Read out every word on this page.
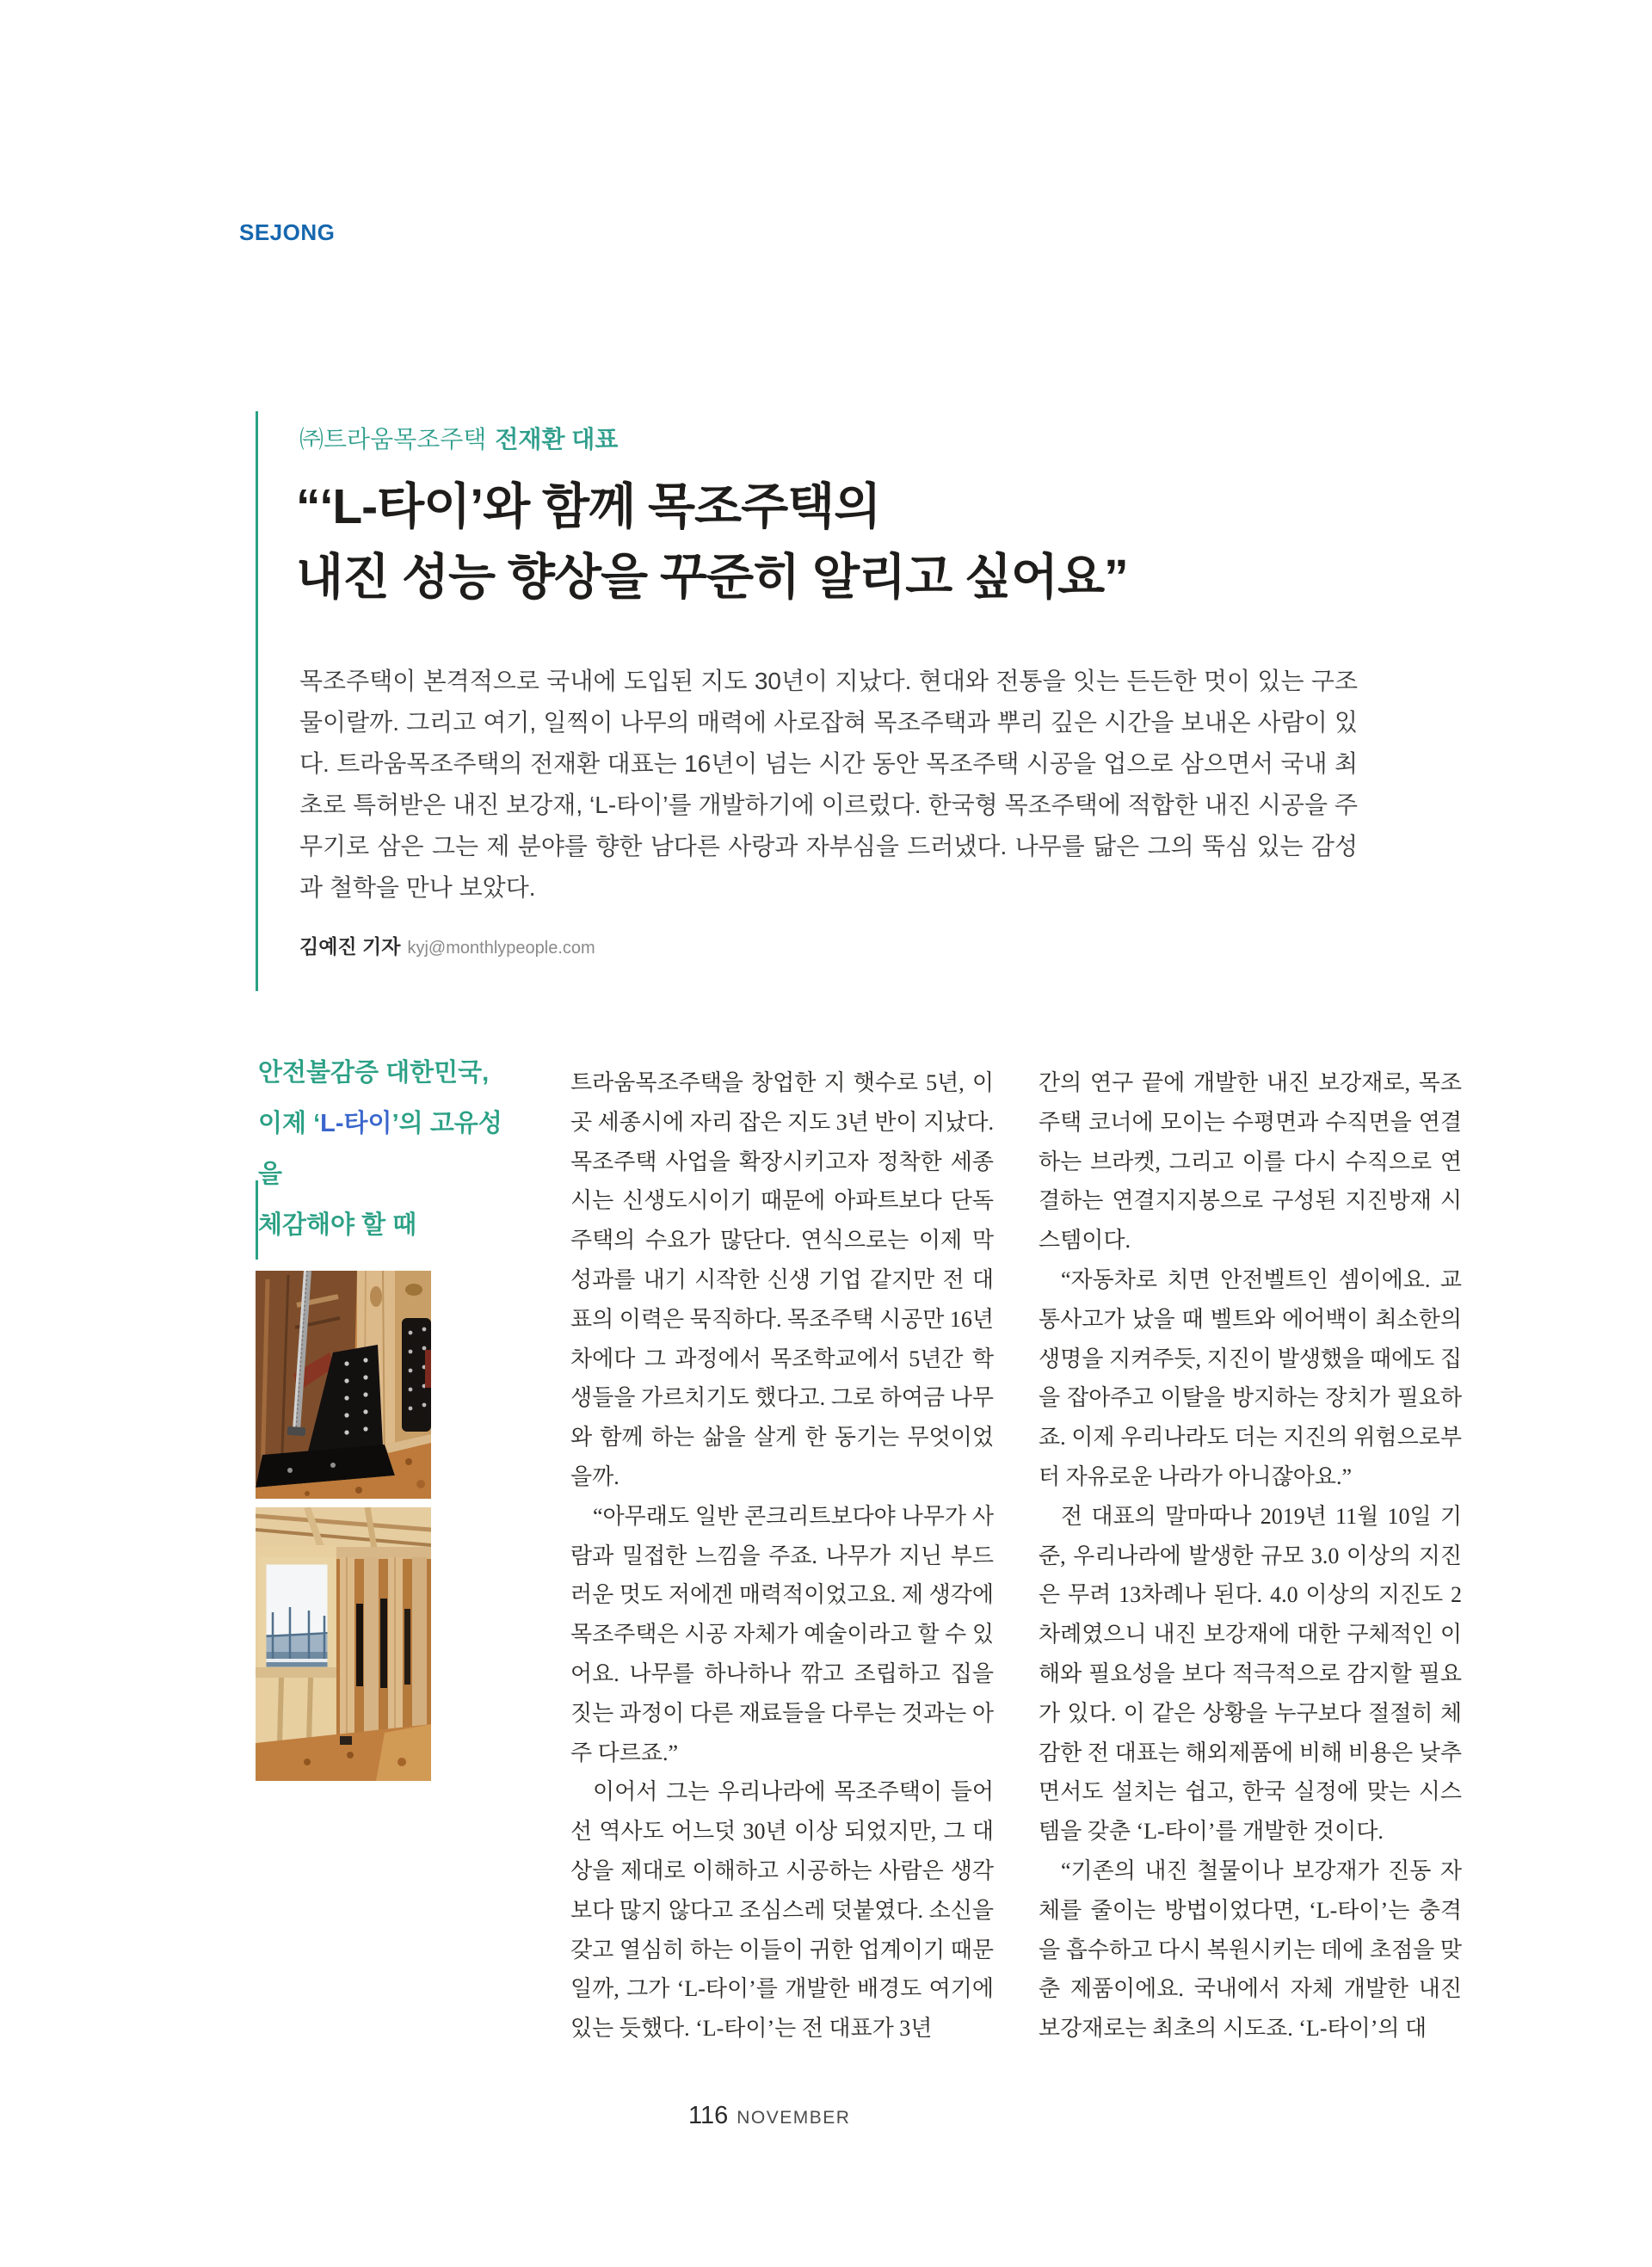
SEJONG
㈜트라움목조주택 전재환 대표
“‘L-타이’와 함께 목조주택의
내진 성능 향상을 꾸준히 알리고 싶어요”

목조주택이 본격적으로 국내에 도입된 지도 30년이 지났다. 현대와 전통을 잇는 든든한 멋이 있는 구조물이랄까. 그리고 여기, 일찍이 나무의 매력에 사로잡혀 목조주택과 뿌리 깊은 시간을 보내온 사람이 있다. 트라움목조주택의 전재환 대표는 16년이 넘는 시간 동안 목조주택 시공을 업으로 삼으면서 국내 최초로 특허받은 내진 보강재, ‘L-타이’를 개발하기에 이르렀다. 한국형 목조주택에 적합한 내진 시공을 주 무기로 삼은 그는 제 분야를 향한 남다른 사랑과 자부심을 드러냈다. 나무를 닮은 그의 뚝심 있는 감성과 철학을 만나 보았다.

김예진 기자 kyj@monthlypeople.com
안전불감증 대한민국,
이제 ‘L-타이’의 고유성을
체감해야 할 때

트라움목조주택을 창업한 지 햇수로 5년, 이곳 세종시에 자리 잡은 지도 3년 반이 지났다. 목조주택 사업을 확장시키고자 정착한 세종시는 신생도시이기 때문에 아파트보다 단독주택의 수요가 많단다. 연식으로는 이제 막 성과를 내기 시작한 신생 기업 같지만 전 대표의 이력은 묵직하다. 목조주택 시공만 16년 차에다 그 과정에서 목조학교에서 5년간 학생들을 가르치기도 했다고. 그로 하여금 나무와 함께 하는 삶을 살게 한 동기는 무엇이었을까.

“아무래도 일반 콘크리트보다야 나무가 사람과 밀접한 느낌을 주죠. 나무가 지닌 부드러운 멋도 저에겐 매력적이었고요. 제 생각에 목조주택은 시공 자체가 예술이라고 할 수 있어요. 나무를 하나하나 깎고 조립하고 집을 짓는 과정이 다른 재료들을 다루는 것과는 아주 다르죠.”

이어서 그는 우리나라에 목조주택이 들어선 역사도 어느덧 30년 이상 되었지만, 그 대상을 제대로 이해하고 시공하는 사람은 생각보다 많지 않다고 조심스레 덧붙였다. 소신을 갖고 열심히 하는 이들이 귀한 업계이기 때문일까, 그가 ‘L-타이’를 개발한 배경도 여기에 있는 듯했다. ‘L-타이’는 전 대표가 3년

간의 연구 끝에 개발한 내진 보강재로, 목조주택 코너에 모이는 수평면과 수직면을 연결하는 브라켓, 그리고 이를 다시 수직으로 연결하는 연결지지봉으로 구성된 지진방재 시스템이다.

“자동차로 치면 안전벨트인 셈이에요. 교통사고가 났을 때 벨트와 에어백이 최소한의 생명을 지켜주듯, 지진이 발생했을 때에도 집을 잡아주고 이탈을 방지하는 장치가 필요하죠. 이제 우리나라도 더는 지진의 위험으로부터 자유로운 나라가 아니잖아요.”

전 대표의 말마따나 2019년 11월 10일 기준, 우리나라에 발생한 규모 3.0 이상의 지진은 무려 13차례나 된다. 4.0 이상의 지진도 2차례였으니 내진 보강재에 대한 구체적인 이해와 필요성을 보다 적극적으로 감지할 필요가 있다. 이 같은 상황을 누구보다 절절히 체감한 전 대표는 해외제품에 비해 비용은 낮추면서도 설치는 쉽고, 한국 실정에 맞는 시스템을 갖춘 ‘L-타이’를 개발한 것이다.

“기존의 내진 철물이나 보강재가 진동 자체를 줄이는 방법이었다면, ‘L-타이’는 충격을 흡수하고 다시 복원시키는 데에 초점을 맞춘 제품이에요. 국내에서 자체 개발한 내진 보강재로는 최초의 시도죠. ‘L-타이’의 대

116 NOVEMBER
